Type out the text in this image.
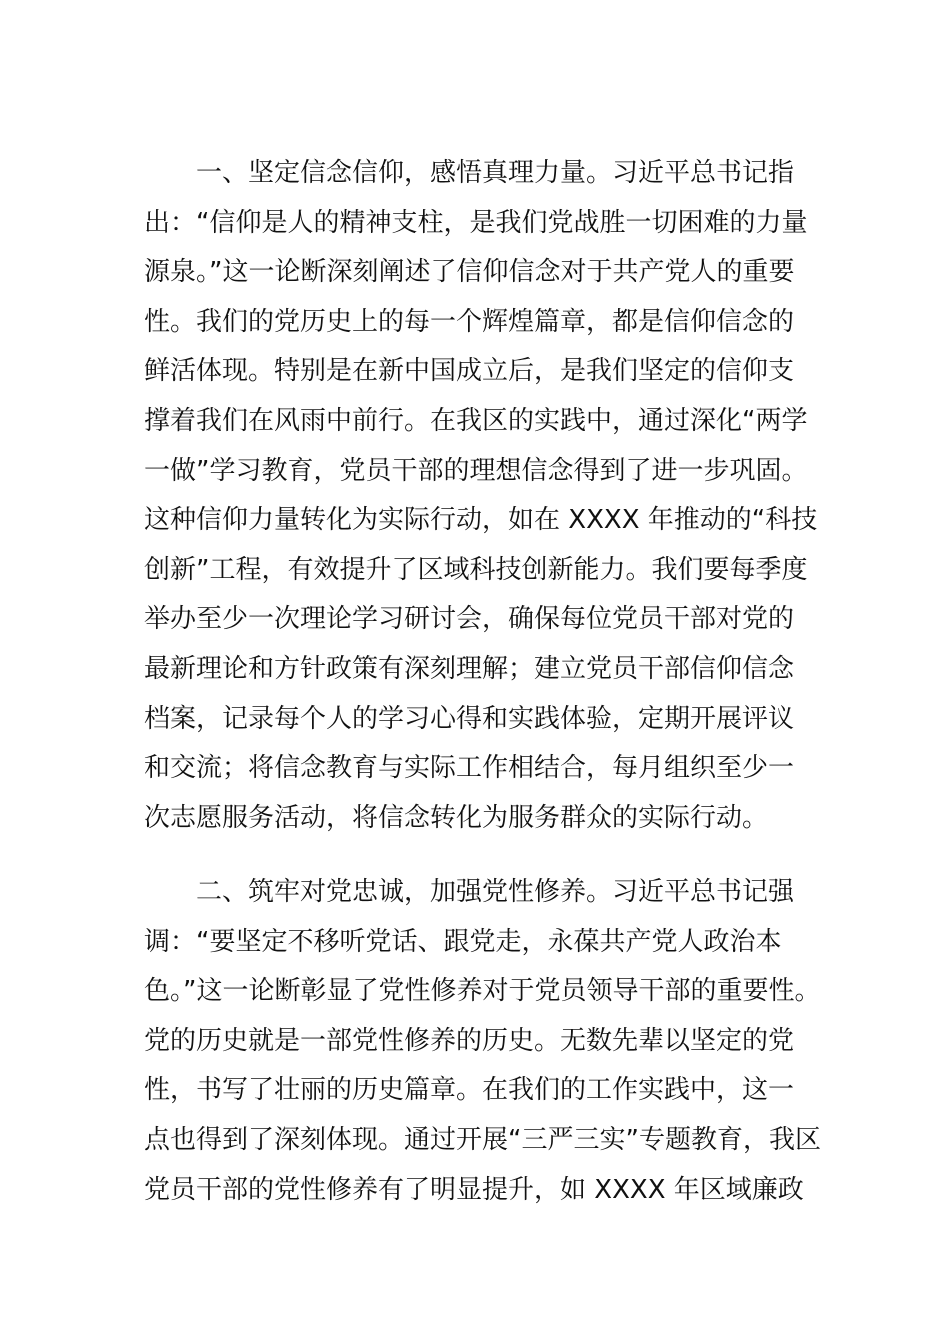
一、坚定信念信仰，感悟真理力量。习近平总书记指
出：“信仰是人的精神支柱，是我们党战胜一切困难的力量
源泉。”这一论断深刻阐述了信仰信念对于共产党人的重要
性。我们的党历史上的每一个辉煌篇章，都是信仰信念的
鲜活体现。特别是在新中国成立后，是我们坚定的信仰支
撑着我们在风雨中前行。在我区的实践中，通过深化“两学
一做”学习教育，党员干部的理想信念得到了进一步巩固。
这种信仰力量转化为实际行动，如在 XXXX 年推动的“科技
创新”工程，有效提升了区域科技创新能力。我们要每季度
举办至少一次理论学习研讨会，确保每位党员干部对党的
最新理论和方针政策有深刻理解；建立党员干部信仰信念
档案，记录每个人的学习心得和实践体验，定期开展评议
和交流；将信念教育与实际工作相结合，每月组织至少一
次志愿服务活动，将信念转化为服务群众的实际行动。
二、筑牢对党忠诚，加强党性修养。习近平总书记强
调：“要坚定不移听党话、跟党走，永葆共产党人政治本
色。”这一论断彰显了党性修养对于党员领导干部的重要性。
党的历史就是一部党性修养的历史。无数先辈以坚定的党
性，书写了壮丽的历史篇章。在我们的工作实践中，这一
点也得到了深刻体现。通过开展“三严三实”专题教育，我区
党员干部的党性修养有了明显提升，如 XXXX 年区域廉政
